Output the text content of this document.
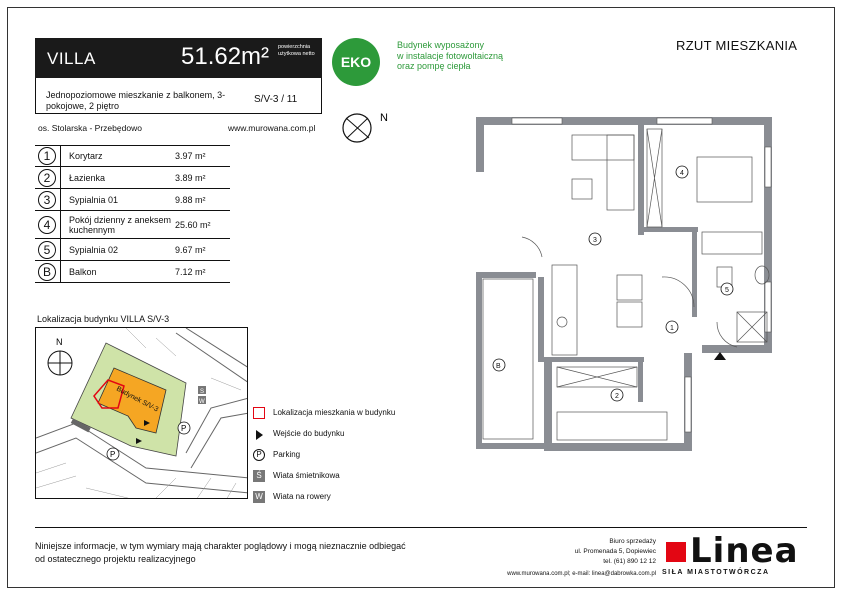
VILLA	51.62m² powierzchnia użytkowa netto
Jednopoziomowe mieszkanie z balkonem, 3-pokojowe, 2 piętro
S/V-3 / 11
os. Stolarska - Przebędowo	www.murowana.com.pl
EKO
Budynek wyposażony
w instalacje fotowoltaiczną
oraz pompę ciepła
RZUT MIESZKANIA
N
1	Korytarz	3.97 m²
2	Łazienka	3.89 m²
3	Sypialnia 01	9.88 m²
4	Pokój dzienny z aneksem kuchennym	25.60 m²
5	Sypialnia 02	9.67 m²
B	Balkon	7.12 m²
Lokalizacja budynku VILLA S/V-3
Budynek S/V-3
P
P
S
W
N
Lokalizacja mieszkania w budynku
Wejście do budynku
P	Parking
Ś	Wiata śmietnikowa
W Wiata na rowery
1
2
3
4
5
B
Niniejsze informacje, w tym wymiary mają charakter poglądowy i mogą nieznacznie odbiegać od ostatecznego projektu realizacyjnego
Biuro sprzedaży
ul. Promenada 5, Dopiewiec
tel. (61) 890 12 12
www.murowana.com.pl; e-mail: linea@dabrowka.com.pl
Linea
SIŁA MIASTOTWÓRCZA
